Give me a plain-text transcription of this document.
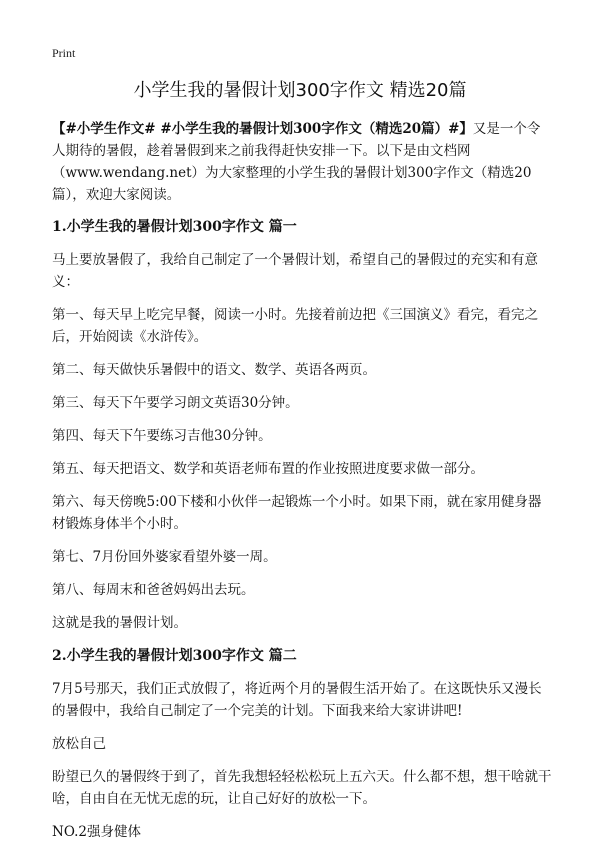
Print
小学生我的暑假计划300字作文 精选20篇

【#小学生作文# #小学生我的暑假计划300字作文（精选20篇）#】又是一个令人期待的暑假，趁着暑假到来之前我得赶快安排一下。以下是由文档网（www.wendang.net）为大家整理的小学生我的暑假计划300字作文（精选20篇），欢迎大家阅读。

1.小学生我的暑假计划300字作文 篇一

马上要放暑假了，我给自己制定了一个暑假计划，希望自己的暑假过的充实和有意义：

第一、每天早上吃完早餐，阅读一小时。先接着前边把《三国演义》看完，看完之后，开始阅读《水浒传》。

第二、每天做快乐暑假中的语文、数学、英语各两页。

第三、每天下午要学习朗文英语30分钟。

第四、每天下午要练习吉他30分钟。

第五、每天把语文、数学和英语老师布置的作业按照进度要求做一部分。

第六、每天傍晚5:00下楼和小伙伴一起锻炼一个小时。如果下雨，就在家用健身器材锻炼身体半个小时。

第七、7月份回外婆家看望外婆一周。

第八、每周末和爸爸妈妈出去玩。

这就是我的暑假计划。

2.小学生我的暑假计划300字作文 篇二

7月5号那天，我们正式放假了，将近两个月的暑假生活开始了。在这既快乐又漫长的暑假中，我给自己制定了一个完美的计划。下面我来给大家讲讲吧!

放松自己

盼望已久的暑假终于到了，首先我想轻轻松松玩上五六天。什么都不想，想干啥就干啥，自由自在无忧无虑的玩，让自己好好的放松一下。

NO.2强身健体
